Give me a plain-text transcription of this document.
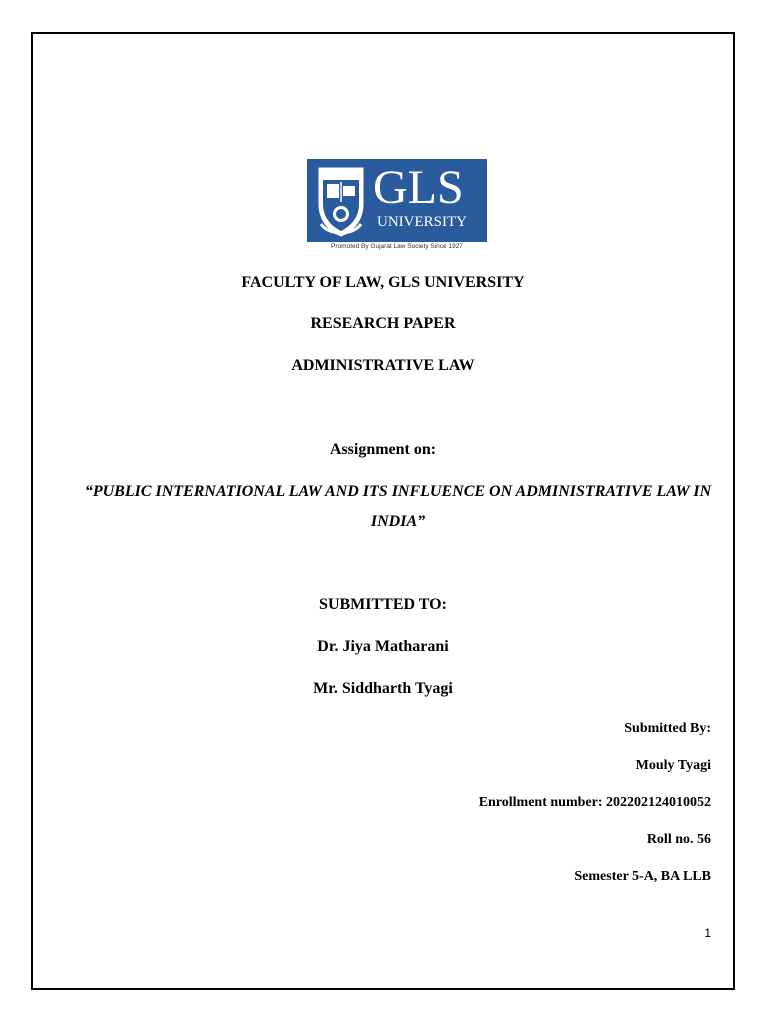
GLS
UNIVERSITY
Promoted By Gujarat Law Society Since 1927
FACULTY OF LAW, GLS UNIVERSITY
RESEARCH PAPER
ADMINISTRATIVE LAW
Assignment on:
“PUBLIC INTERNATIONAL LAW AND ITS INFLUENCE ON ADMINISTRATIVE LAW IN INDIA”
SUBMITTED TO:
Dr. Jiya Matharani
Mr. Siddharth Tyagi
Submitted By:
Mouly Tyagi
Enrollment number: 202202124010052
Roll no. 56
Semester 5-A, BA LLB
1
